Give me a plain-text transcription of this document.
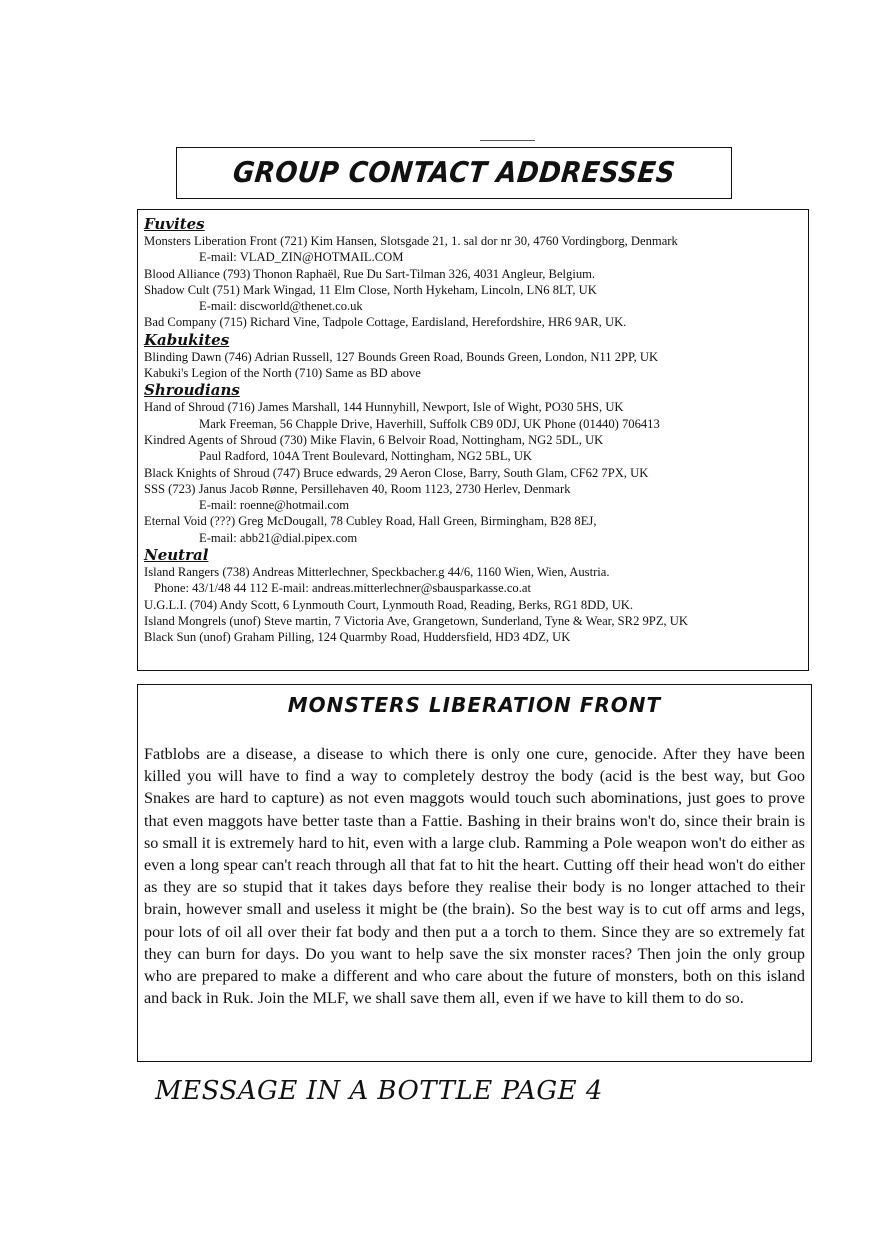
GROUP CONTACT ADDRESSES
Fuvites
Monsters Liberation Front (721) Kim Hansen, Slotsgade 21, 1. sal dor nr 30, 4760 Vordingborg, Denmark
E-mail: VLAD_ZIN@HOTMAIL.COM
Blood Alliance (793) Thonon Raphaël, Rue Du Sart-Tilman 326, 4031 Angleur, Belgium.
Shadow Cult (751) Mark Wingad, 11 Elm Close, North Hykeham, Lincoln, LN6 8LT, UK
E-mail: discworld@thenet.co.uk
Bad Company (715) Richard Vine, Tadpole Cottage, Eardisland, Herefordshire, HR6 9AR, UK.
Kabukites
Blinding Dawn (746) Adrian Russell, 127 Bounds Green Road, Bounds Green, London, N11 2PP, UK
Kabuki's Legion of the North (710) Same as BD above
Shroudians
Hand of Shroud (716) James Marshall, 144 Hunnyhill, Newport, Isle of Wight, PO30 5HS, UK
Mark Freeman, 56 Chapple Drive, Haverhill, Suffolk CB9 0DJ, UK Phone (01440) 706413
Kindred Agents of Shroud (730) Mike Flavin, 6 Belvoir Road, Nottingham, NG2 5DL, UK
Paul Radford, 104A Trent Boulevard, Nottingham, NG2 5BL, UK
Black Knights of Shroud (747) Bruce edwards, 29 Aeron Close, Barry, South Glam, CF62 7PX, UK
SSS (723) Janus Jacob Rønne, Persillehaven 40, Room 1123, 2730 Herlev, Denmark
E-mail: roenne@hotmail.com
Eternal Void (???) Greg McDougall, 78 Cubley Road, Hall Green, Birmingham, B28 8EJ,
E-mail: abb21@dial.pipex.com
Neutral
Island Rangers (738) Andreas Mitterlechner, Speckbacher.g 44/6, 1160 Wien, Wien, Austria.
Phone: 43/1/48 44 112 E-mail: andreas.mitterlechner@sbausparkasse.co.at
U.G.L.I. (704) Andy Scott, 6 Lynmouth Court, Lynmouth Road, Reading, Berks, RG1 8DD, UK.
Island Mongrels (unof) Steve martin, 7 Victoria Ave, Grangetown, Sunderland, Tyne & Wear, SR2 9PZ, UK
Black Sun (unof) Graham Pilling, 124 Quarmby Road, Huddersfield, HD3 4DZ, UK
MONSTERS LIBERATION FRONT

Fatblobs are a disease, a disease to which there is only one cure, genocide. After they have been killed you will have to find a way to completely destroy the body (acid is the best way, but Goo Snakes are hard to capture) as not even maggots would touch such abominations, just goes to prove that even maggots have better taste than a Fattie. Bashing in their brains won't do, since their brain is so small it is extremely hard to hit, even with a large club. Ramming a Pole weapon won't do either as even a long spear can't reach through all that fat to hit the heart. Cutting off their head won't do either as they are so stupid that it takes days before they realise their body is no longer attached to their brain, however small and useless it might be (the brain). So the best way is to cut off arms and legs, pour lots of oil all over their fat body and then put a a torch to them. Since they are so extremely fat they can burn for days. Do you want to help save the six monster races? Then join the only group who are prepared to make a different and who care about the future of monsters, both on this island and back in Ruk. Join the MLF, we shall save them all, even if we have to kill them to do so.

MESSAGE IN A BOTTLE PAGE 4
